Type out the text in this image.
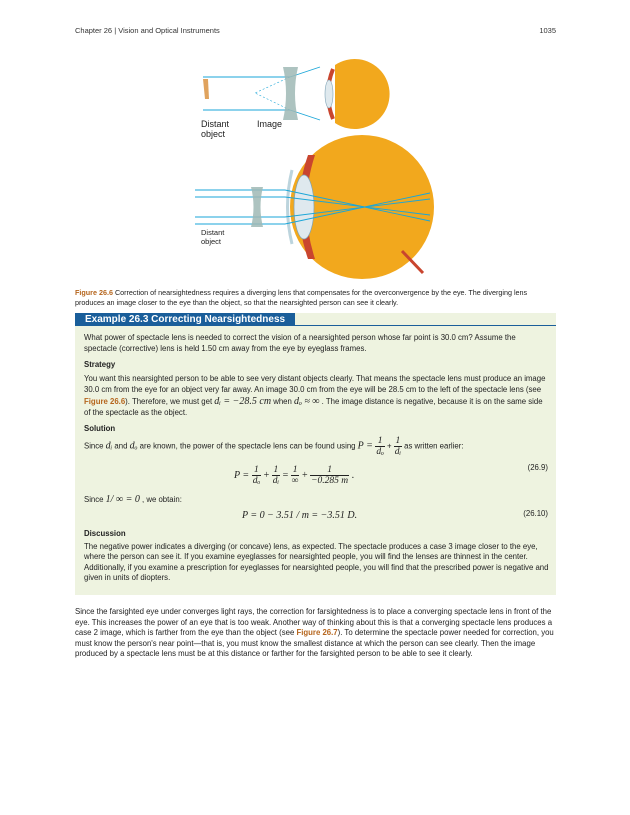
Chapter 26 | Vision and Optical Instruments	1035
Distant
object
Image
Distant
object
Figure 26.6 Correction of nearsightedness requires a diverging lens that compensates for the overconvergence by the eye. The diverging lens produces an image closer to the eye than the object, so that the nearsighted person can see it clearly.
Example 26.3 Correcting Nearsightedness

What power of spectacle lens is needed to correct the vision of a nearsighted person whose far point is 30.0 cm? Assume the spectacle (corrective) lens is held 1.50 cm away from the eye by eyeglass frames.

Strategy

You want this nearsighted person to be able to see very distant objects clearly. That means the spectacle lens must produce an image 30.0 cm from the eye for an object very far away. An image 30.0 cm from the eye will be 28.5 cm to the left of the spectacle lens (see Figure 26.6). Therefore, we must get dᵢ = −28.5 cm when dₒ ≈ ∞ . The image distance is negative, because it is on the same side of the spectacle as the object.

Solution

Since dᵢ and dₒ are known, the power of the spectacle lens can be found using $P = \frac{1}{\text{dₒ}} + \frac{1}{\text{dᵢ}}$ as written earlier:

$P = \frac{1}{\text{dₒ}} + \frac{1}{\text{dᵢ}} = \frac{1}{\infty} + \frac{1}{-0.285 m}$ .
(26.9)

Since 1/ ∞ = 0 , we obtain:

P = 0 − 3.51 / m = −3.51 D.	(26.10)

Discussion

The negative power indicates a diverging (or concave) lens, as expected. The spectacle produces a case 3 image closer to the eye, where the person can see it. If you examine eyeglasses for nearsighted people, you will find the lenses are thinnest in the center. Additionally, if you examine a prescription for eyeglasses for nearsighted people, you will find that the prescribed power is negative and given in units of diopters.

Since the farsighted eye under converges light rays, the correction for farsightedness is to place a converging spectacle lens in front of the eye. This increases the power of an eye that is too weak. Another way of thinking about this is that a converging spectacle lens produces a case 2 image, which is farther from the eye than the object (see Figure 26.7). To determine the spectacle power needed for correction, you must know the person's near point—that is, you must know the smallest distance at which the person can see clearly. Then the image produced by a spectacle lens must be at this distance or farther for the farsighted person to be able to see it clearly.
